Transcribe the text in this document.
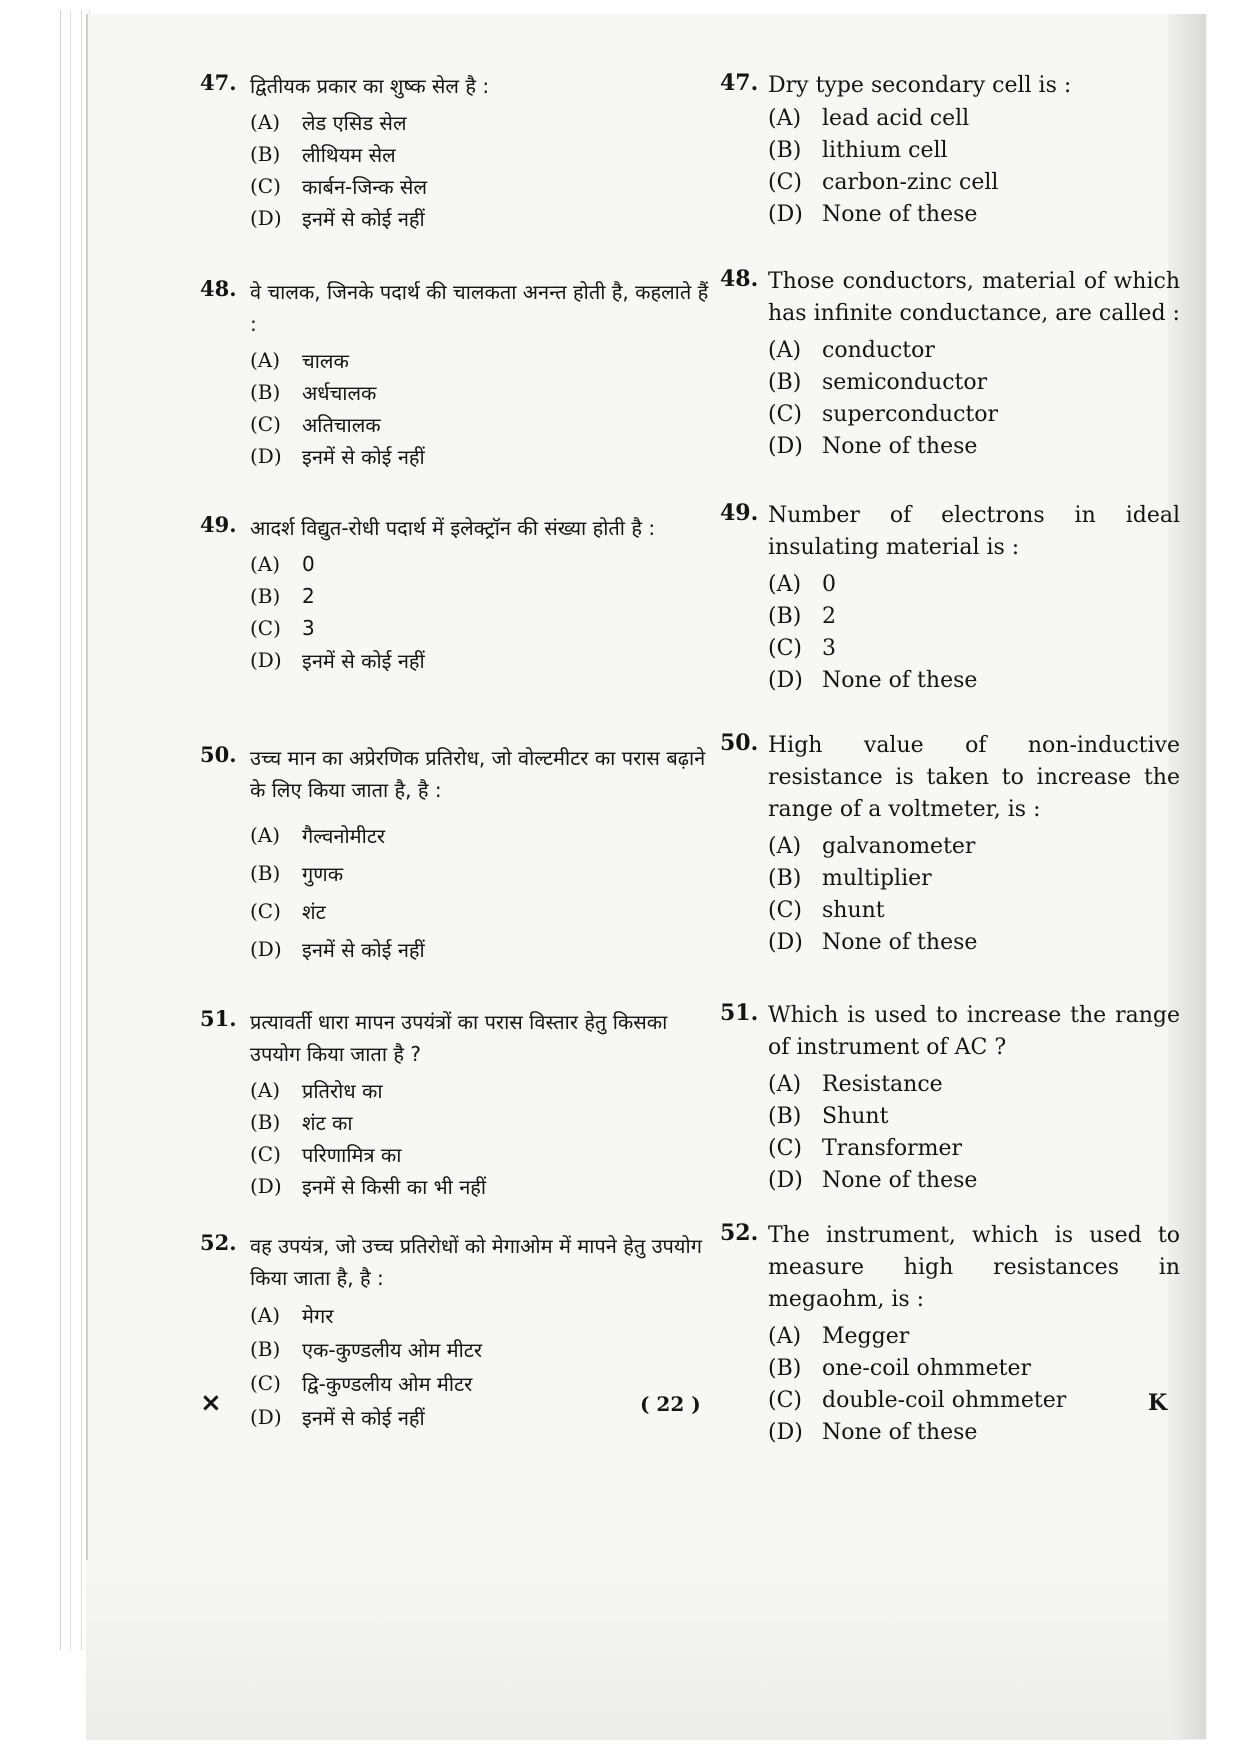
47. द्वितीयक प्रकार का शुष्क सेल है :
(A)	लेड एसिड सेल
(B)	लीथियम सेल
(C)	कार्बन-जिन्क सेल
(D)	इनमें से कोई नहीं
48. वे चालक, जिनके पदार्थ की चालकता अनन्त होती है, कहलाते हैं :
(A)	चालक
(B)	अर्धचालक
(C)	अतिचालक
(D)	इनमें से कोई नहीं
49. आदर्श विद्युत-रोधी पदार्थ में इलेक्ट्रॉन की संख्या होती है :
(A)	0
(B)	2
(C)	3
(D)	इनमें से कोई नहीं
50. उच्च मान का अप्रेरणिक प्रतिरोध, जो वोल्टमीटर का परास बढ़ाने के लिए किया जाता है, है :
(A)	गैल्वनोमीटर
(B)	गुणक
(C)	शंट
(D)	इनमें से कोई नहीं
51. प्रत्यावर्ती धारा मापन उपयंत्रों का परास विस्तार हेतु किसका उपयोग किया जाता है ?
(A)	प्रतिरोध का
(B)	शंट का
(C)	परिणामित्र का
(D)	इनमें से किसी का भी नहीं
52. वह उपयंत्र, जो उच्च प्रतिरोधों को मेगाओम में मापने हेतु उपयोग किया जाता है, है :
(A)	मेगर
(B)	एक-कुण्डलीय ओम मीटर
(C)	द्वि-कुण्डलीय ओम मीटर
(D)	इनमें से कोई नहीं
47. Dry type secondary cell is :
(A) lead acid cell
(B) lithium cell
(C) carbon-zinc cell
(D) None of these
48. Those conductors, material of which has infinite conductance, are called :
(A) conductor
(B) semiconductor
(C) superconductor
(D) None of these
49. Number of electrons in ideal insulating material is :
(A) 0
(B) 2
(C) 3
(D) None of these
50. High value of non-inductive resistance is taken to increase the range of a voltmeter, is :
(A) galvanometer
(B) multiplier
(C) shunt
(D) None of these
51. Which is used to increase the range of instrument of AC ?
(A) Resistance
(B) Shunt
(C) Transformer
(D) None of these
52. The instrument, which is used to measure high resistances in megaohm, is :
(A) Megger
(B) one-coil ohmmeter
(C) double-coil ohmmeter
(D) None of these
×	( 22 )	K
